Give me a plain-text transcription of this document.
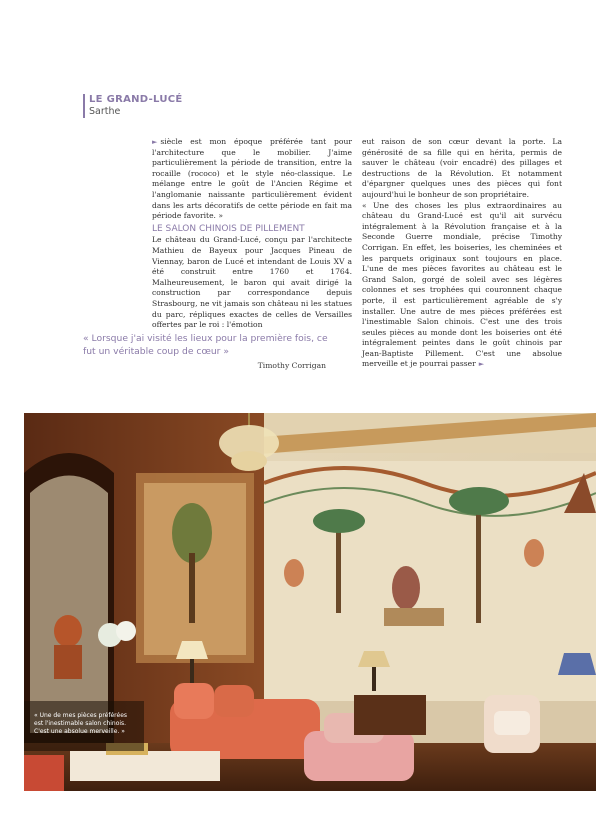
LE GRAND-LUCÉ
Sarthe

► siècle est mon époque préférée tant pour l'architecture que le mobilier. J'aime particulièrement la période de transition, entre la rocaille (rococo) et le style néo-classique. Le mélange entre le goût de l'Ancien Régime et l'anglomanie naissante particulièrement évident dans les arts décoratifs de cette période en fait ma période favorite. »

LE SALON CHINOIS DE PILLEMENT

Le château du Grand-Lucé, conçu par l'architecte Mathieu de Bayeux pour Jacques Pineau de Viennay, baron de Lucé et intendant de Louis XV a été construit entre 1760 et 1764. Malheureusement, le baron qui avait dirigé la construction par correspondance depuis Strasbourg, ne vit jamais son château ni les statues du parc, répliques exactes de celles de Versailles offertes par le roi : l'émotion

eut raison de son cœur devant la porte. La générosité de sa fille qui en hérita, permis de sauver le château (voir encadré) des pillages et destructions de la Révolution. Et notamment d'épargner quelques unes des pièces qui font aujourd'hui le bonheur de son propriétaire.

« Une des choses les plus extraordinaires au château du Grand-Lucé est qu'il ait survécu intégralement à la Révolution française et à la Seconde Guerre mondiale, précise Timothy Corrigan. En effet, les boiseries, les cheminées et les parquets originaux sont toujours en place. L'une de mes pièces favorites au château est le Grand Salon, gorgé de soleil avec ses légères colonnes et ses trophées qui couronnent chaque porte, il est particulièrement agréable de s'y installer. Une autre de mes pièces préférées est l'inestimable Salon chinois. C'est une des trois seules pièces au monde dont les boiseries ont été intégralement peintes dans le goût chinois par Jean-Baptiste Pillement. C'est une absolue merveille et je pourrai passer ►

« Lorsque j'ai visité les lieux pour la première fois, ce fut un véritable coup de cœur »
Timothy Corrigan
« Une de mes pièces préférées est l'inestimable salon chinois. C'est une absolue merveille. »
